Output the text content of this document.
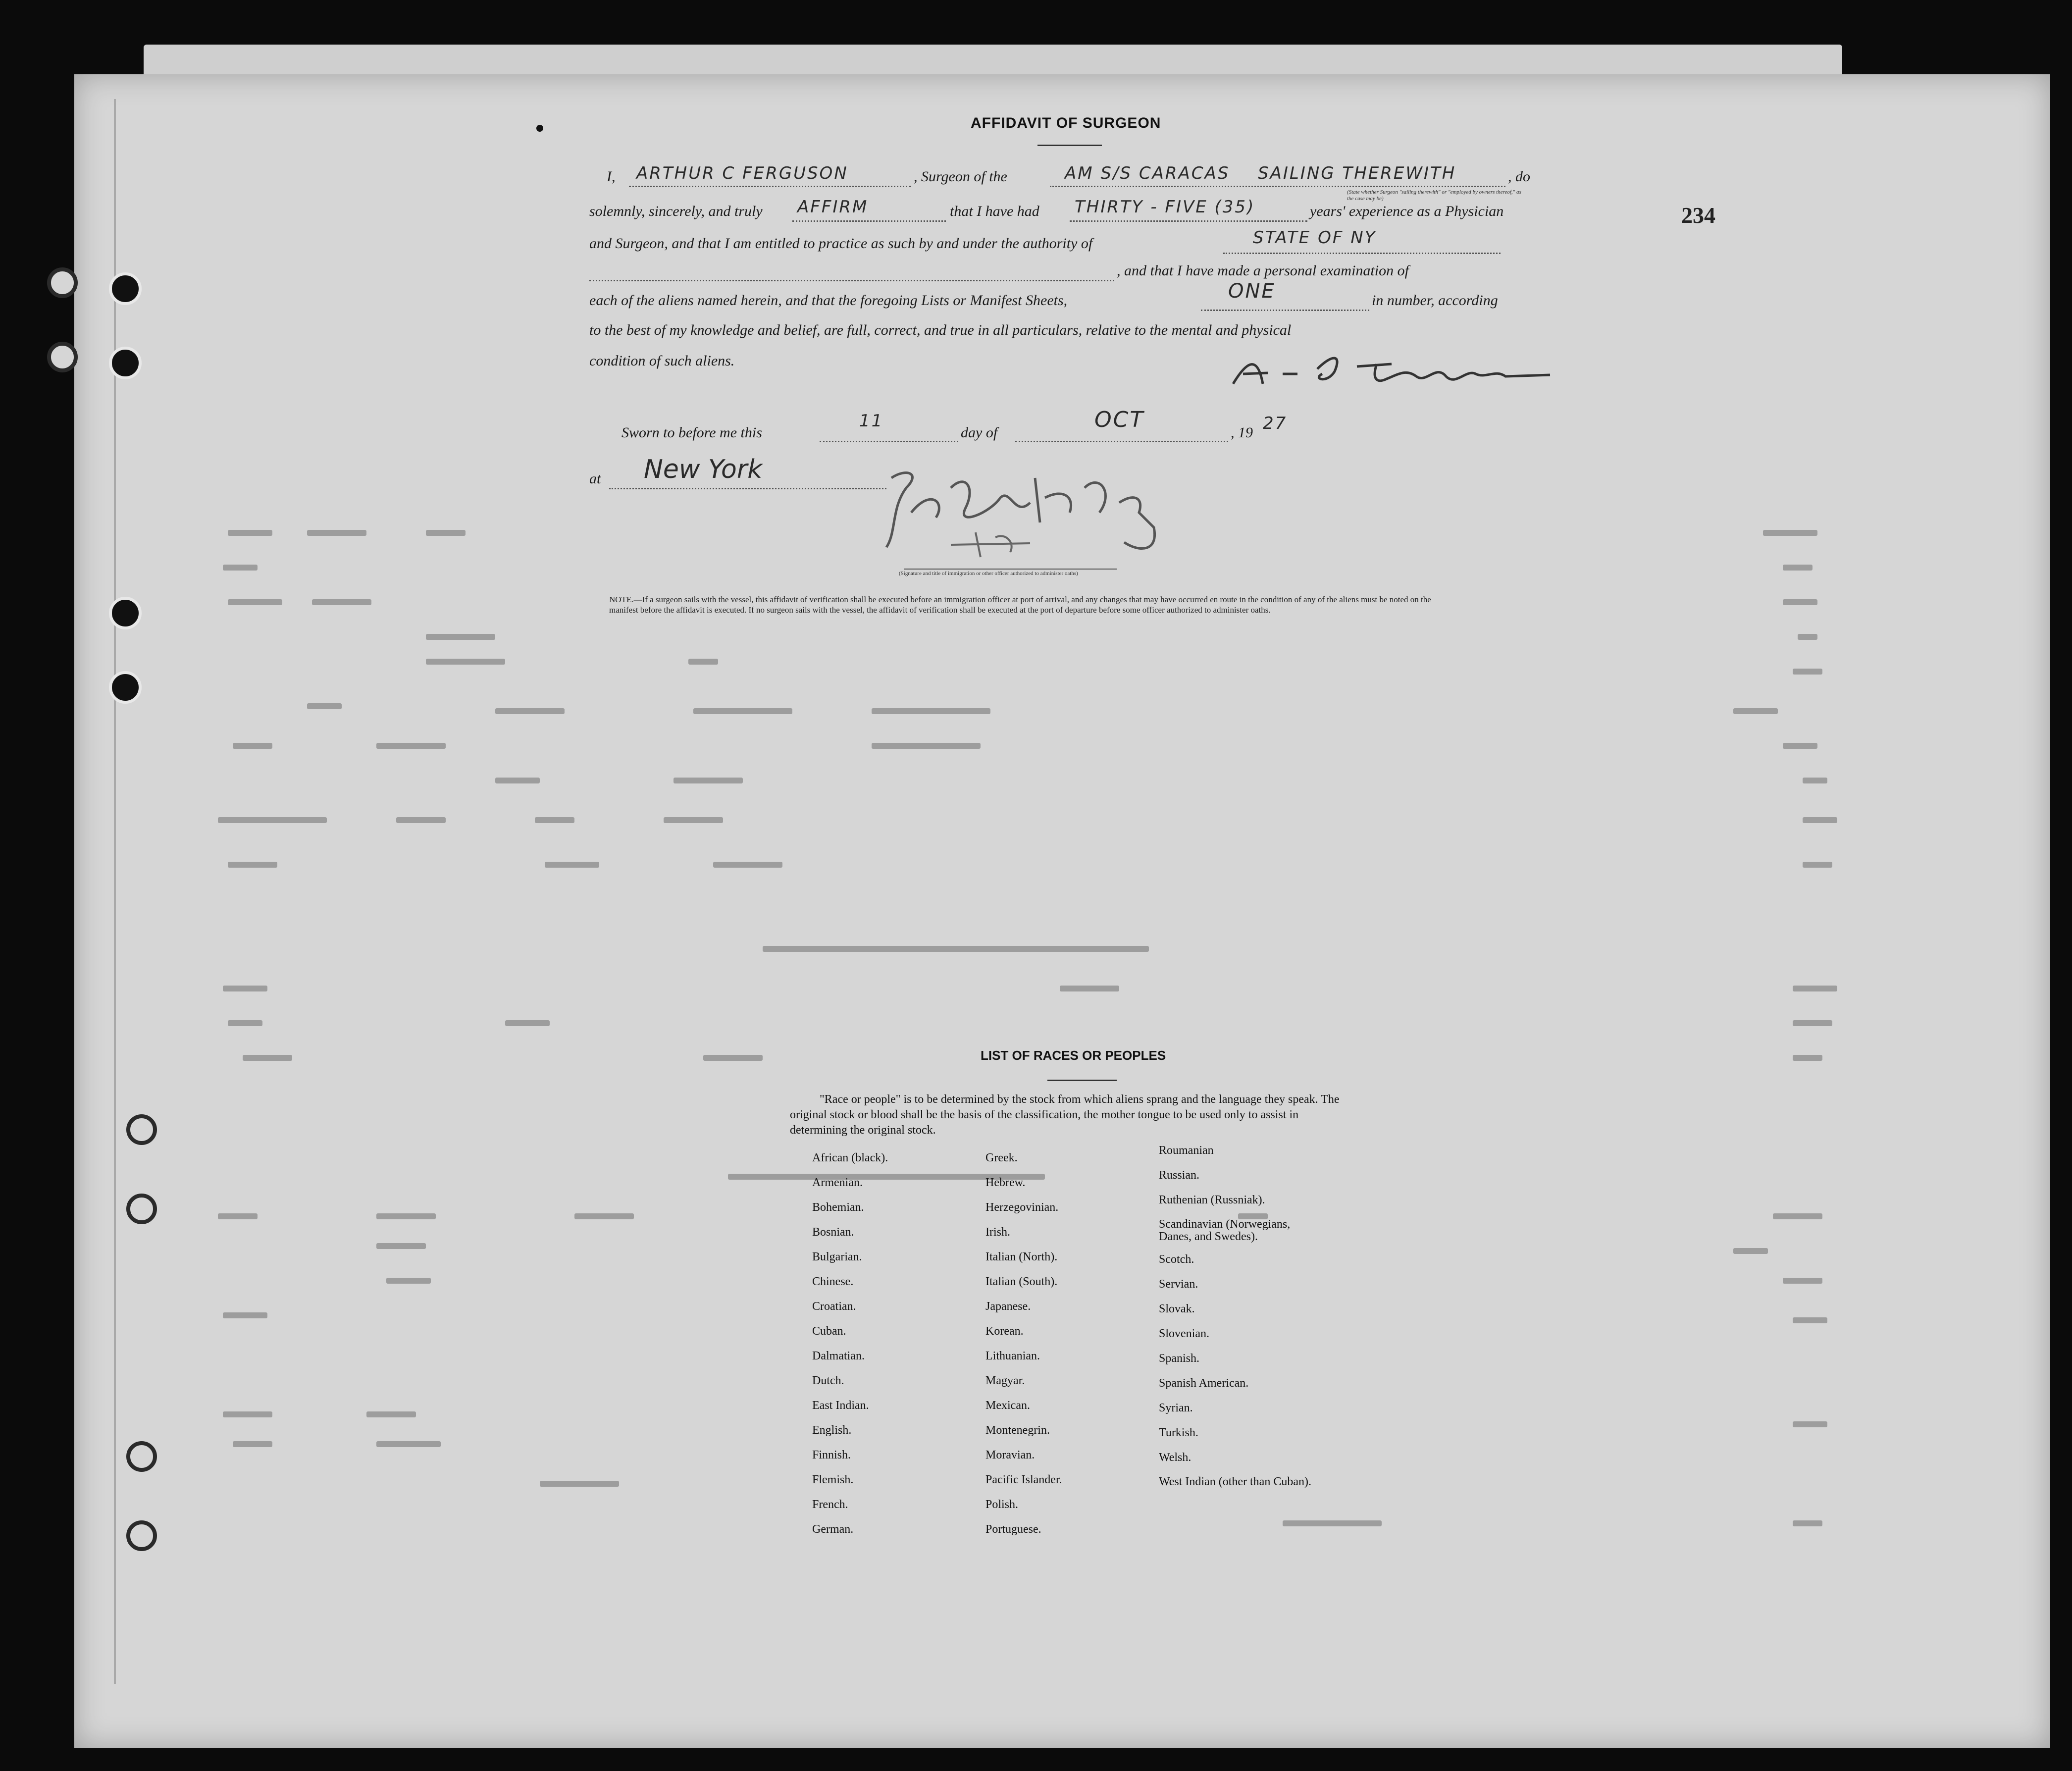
AFFIDAVIT OF SURGEON
234
I, ARTHUR C FERGUSON	, Surgeon of the	AM S/S CARACAS SAILING THEREWITH	, do
(State whether Surgeon "sailing therewith" or "employed by owners thereof," as the case may be)
solemnly, sincerely, and truly AFFIRM	that I have had THIRTY - FIVE (35)	years' experience as a Physician
and Surgeon, and that I am entitled to practice as such by and under the authority of	STATE OF NY
, and that I have made a personal examination of
each of the aliens named herein, and that the foregoing Lists or Manifest Sheets,	ONE	in number, according
to the best of my knowledge and belief, are full, correct, and true in all particulars, relative to the mental and physical
condition of such aliens.
Sworn to before me this
11
day of
OCT
, 19 27
at New York
(Signature and title of immigration or other officer authorized to administer oaths)
NOTE.—If a surgeon sails with the vessel, this affidavit of verification shall be executed before an immigration officer at port of arrival, and any changes that may have occurred en route in the condition of any of the aliens must be noted on the manifest before the affidavit is executed. If no surgeon sails with the vessel, the affidavit of verification shall be executed at the port of departure before some officer authorized to administer oaths.
LIST OF RACES OR PEOPLES
"Race or people" is to be determined by the stock from which aliens sprang and the language they speak. The original stock or blood shall be the basis of the classification, the mother tongue to be used only to assist in determining the original stock.
African (black).
Armenian.
Bohemian.
Bosnian.
Bulgarian.
Chinese.
Croatian.
Cuban.
Dalmatian.
Dutch.
East Indian.
English.
Finnish.
Flemish.
French.
German.
Greek.
Hebrew.
Herzegovinian.
Irish.
Italian (North).
Italian (South).
Japanese.
Korean.
Lithuanian.
Magyar.
Mexican.
Montenegrin.
Moravian.
Pacific Islander.
Polish.
Portuguese.
Roumanian
Russian.
Ruthenian (Russniak).
Scandinavian (Norwegians, Danes, and Swedes).
Scotch.
Servian.
Slovak.
Slovenian.
Spanish.
Spanish American.
Syrian.
Turkish.
Welsh.
West Indian (other than Cuban).
